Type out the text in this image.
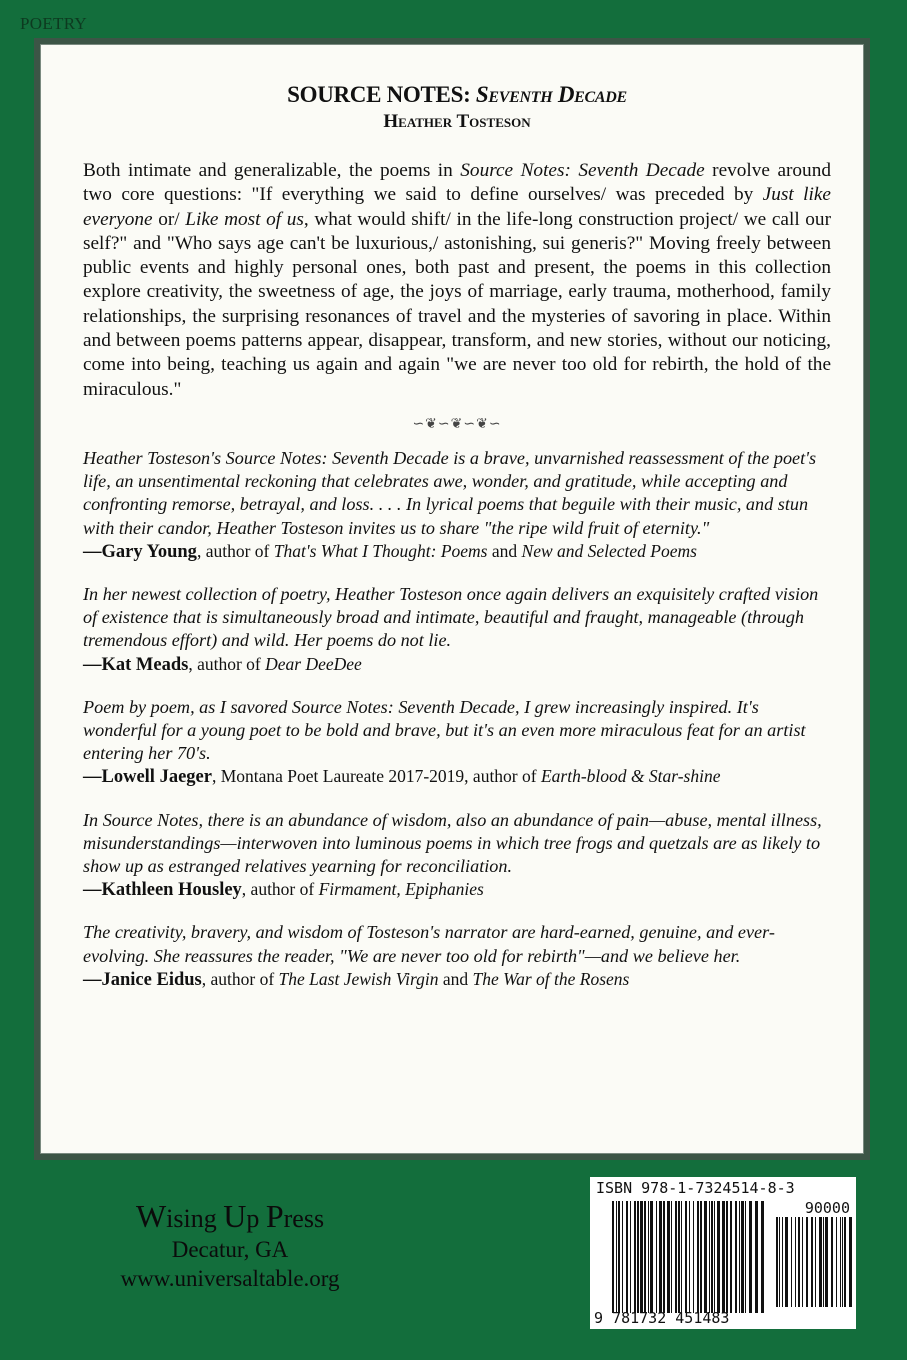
POETRY
SOURCE NOTES: Seventh Decade
Heather Tosteson
Both intimate and generalizable, the poems in Source Notes: Seventh Decade revolve around two core questions: "If everything we said to define ourselves/ was preceded by Just like everyone or/ Like most of us, what would shift/ in the life-long construction project/ we call our self?" and "Who says age can't be luxurious,/ astonishing, sui generis?" Moving freely between public events and highly personal ones, both past and present, the poems in this collection explore creativity, the sweetness of age, the joys of marriage, early trauma, motherhood, family relationships, the surprising resonances of travel and the mysteries of savoring in place. Within and between poems patterns appear, disappear, transform, and new stories, without our noticing, come into being, teaching us again and again "we are never too old for rebirth, the hold of the miraculous."
∽❦∽❦∽❦∽
Heather Tosteson's Source Notes: Seventh Decade is a brave, unvarnished reassessment of the poet's life, an unsentimental reckoning that celebrates awe, wonder, and gratitude, while accepting and confronting remorse, betrayal, and loss. . . . In lyrical poems that beguile with their music, and stun with their candor, Heather Tosteson invites us to share "the ripe wild fruit of eternity."
—Gary Young, author of That's What I Thought: Poems and New and Selected Poems
In her newest collection of poetry, Heather Tosteson once again delivers an exquisitely crafted vision of existence that is simultaneously broad and intimate, beautiful and fraught, manageable (through tremendous effort) and wild. Her poems do not lie.
—Kat Meads, author of Dear DeeDee
Poem by poem, as I savored Source Notes: Seventh Decade, I grew increasingly inspired. It's wonderful for a young poet to be bold and brave, but it's an even more miraculous feat for an artist entering her 70's.
—Lowell Jaeger, Montana Poet Laureate 2017-2019, author of Earth-blood & Star-shine
In Source Notes, there is an abundance of wisdom, also an abundance of pain—abuse, mental illness, misunderstandings—interwoven into luminous poems in which tree frogs and quetzals are as likely to show up as estranged relatives yearning for reconciliation.
—Kathleen Housley, author of Firmament, Epiphanies
The creativity, bravery, and wisdom of Tosteson's narrator are hard-earned, genuine, and ever-evolving. She reassures the reader, "We are never too old for rebirth"—and we believe her.
—Janice Eidus, author of The Last Jewish Virgin and The War of the Rosens
Wising Up Press
Decatur, GA
www.universaltable.org
ISBN 978-1-7324514-8-3
90000
9 781732 451483
